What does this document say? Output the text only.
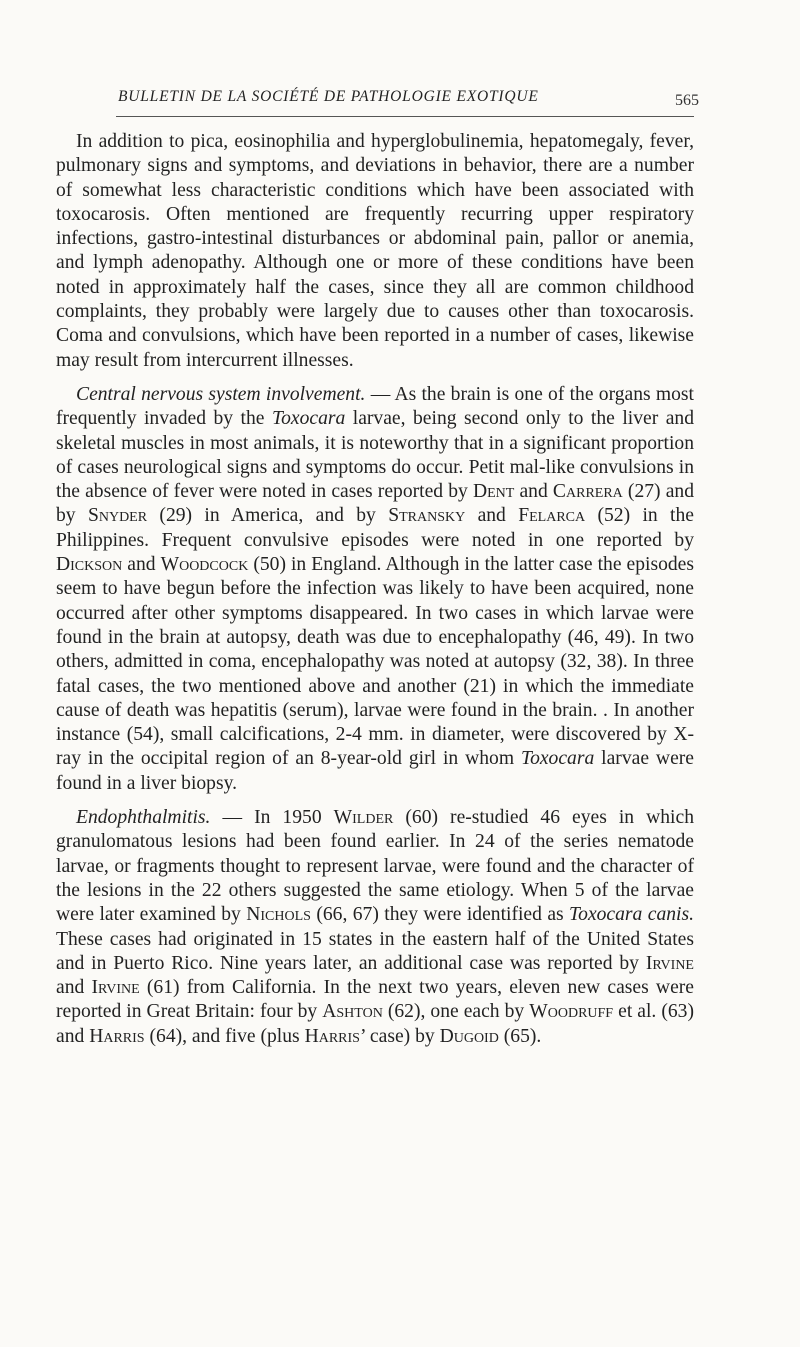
BULLETIN DE LA SOCIÉTÉ DE PATHOLOGIE EXOTIQUE	565

In addition to pica, eosinophilia and hyperglobulinemia, hepatomegaly, fever, pulmonary signs and symptoms, and deviations in behavior, there are a number of somewhat less characteristic conditions which have been associated with toxocarosis. Often mentioned are frequently recurring upper respiratory infections, gastro-intestinal disturbances or abdominal pain, pallor or anemia, and lymph adenopathy. Although one or more of these conditions have been noted in approximately half the cases, since they all are common childhood complaints, they probably were largely due to causes other than toxocarosis. Coma and convulsions, which have been reported in a number of cases, likewise may result from intercurrent illnesses.

Central nervous system involvement. — As the brain is one of the organs most frequently invaded by the Toxocara larvae, being second only to the liver and skeletal muscles in most animals, it is noteworthy that in a significant proportion of cases neurological signs and symptoms do occur. Petit mal-like convulsions in the absence of fever were noted in cases reported by Dent and Carrera (27) and by Snyder (29) in America, and by Stransky and Felarca (52) in the Philippines. Frequent convulsive episodes were noted in one reported by Dickson and Woodcock (50) in England. Although in the latter case the episodes seem to have begun before the infection was likely to have been acquired, none occurred after other symptoms disappeared. In two cases in which larvae were found in the brain at autopsy, death was due to encephalopathy (46, 49). In two others, admitted in coma, encephalopathy was noted at autopsy (32, 38). In three fatal cases, the two mentioned above and another (21) in which the immediate cause of death was hepatitis (serum), larvae were found in the brain. . In another instance (54), small calcifications, 2-4 mm. in diameter, were discovered by X-ray in the occipital region of an 8-year-old girl in whom Toxocara larvae were found in a liver biopsy.

Endophthalmitis. — In 1950 Wilder (60) re-studied 46 eyes in which granulomatous lesions had been found earlier. In 24 of the series nematode larvae, or fragments thought to represent larvae, were found and the character of the lesions in the 22 others suggested the same etiology. When 5 of the larvae were later examined by Nichols (66, 67) they were identified as Toxocara canis. These cases had originated in 15 states in the eastern half of the United States and in Puerto Rico. Nine years later, an additional case was reported by Irvine and Irvine (61) from California. In the next two years, eleven new cases were reported in Great Britain: four by Ashton (62), one each by Woodruff et al. (63) and Harris (64), and five (plus Harris’ case) by Dugoid (65).
